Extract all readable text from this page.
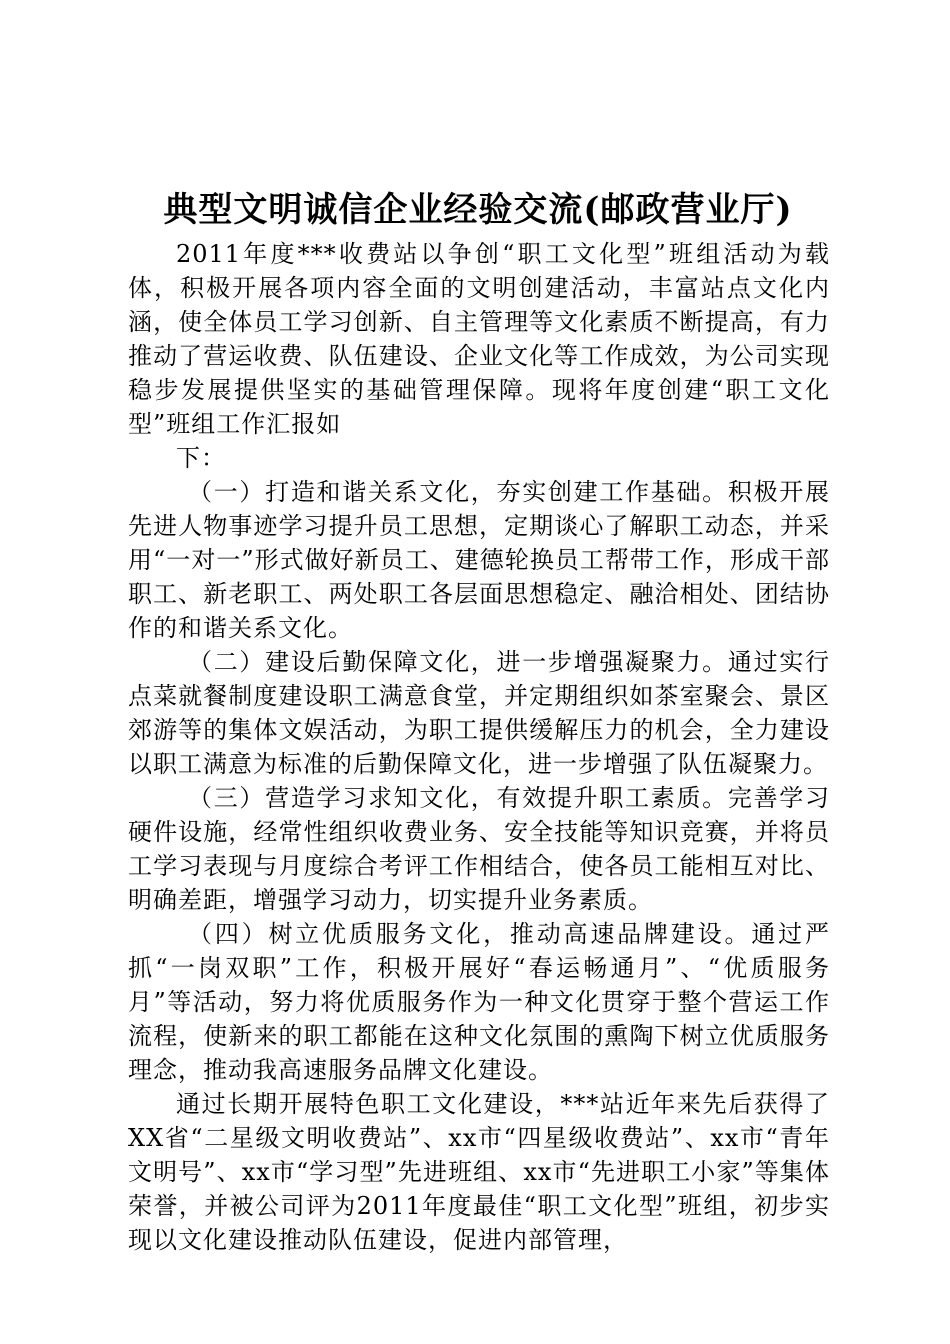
典型文明诚信企业经验交流(邮政营业厅)

2011年度***收费站以争创“职工文化型”班组活动为载体，积极开展各项内容全面的文明创建活动，丰富站点文化内涵，使全体员工学习创新、自主管理等文化素质不断提高，有力推动了营运收费、队伍建设、企业文化等工作成效，为公司实现稳步发展提供坚实的基础管理保障。现将年度创建“职工文化型”班组工作汇报如

下：

（一）打造和谐关系文化，夯实创建工作基础。积极开展先进人物事迹学习提升员工思想，定期谈心了解职工动态，并采用“一对一”形式做好新员工、建德轮换员工帮带工作，形成干部职工、新老职工、两处职工各层面思想稳定、融洽相处、团结协作的和谐关系文化。

（二）建设后勤保障文化，进一步增强凝聚力。通过实行点菜就餐制度建设职工满意食堂，并定期组织如茶室聚会、景区郊游等的集体文娱活动，为职工提供缓解压力的机会，全力建设以职工满意为标准的后勤保障文化，进一步增强了队伍凝聚力。

（三）营造学习求知文化，有效提升职工素质。完善学习硬件设施，经常性组织收费业务、安全技能等知识竞赛，并将员工学习表现与月度综合考评工作相结合，使各员工能相互对比、明确差距，增强学习动力，切实提升业务素质。

（四）树立优质服务文化，推动高速品牌建设。通过严抓“一岗双职”工作，积极开展好“春运畅通月”、“优质服务月”等活动，努力将优质服务作为一种文化贯穿于整个营运工作流程，使新来的职工都能在这种文化氛围的熏陶下树立优质服务理念，推动我高速服务品牌文化建设。

通过长期开展特色职工文化建设，***站近年来先后获得了XX省“二星级文明收费站”、xx市“四星级收费站”、xx市“青年文明号”、xx市“学习型”先进班组、xx市“先进职工小家”等集体荣誉，并被公司评为2011年度最佳“职工文化型”班组，初步实现以文化建设推动队伍建设，促进内部管理，
